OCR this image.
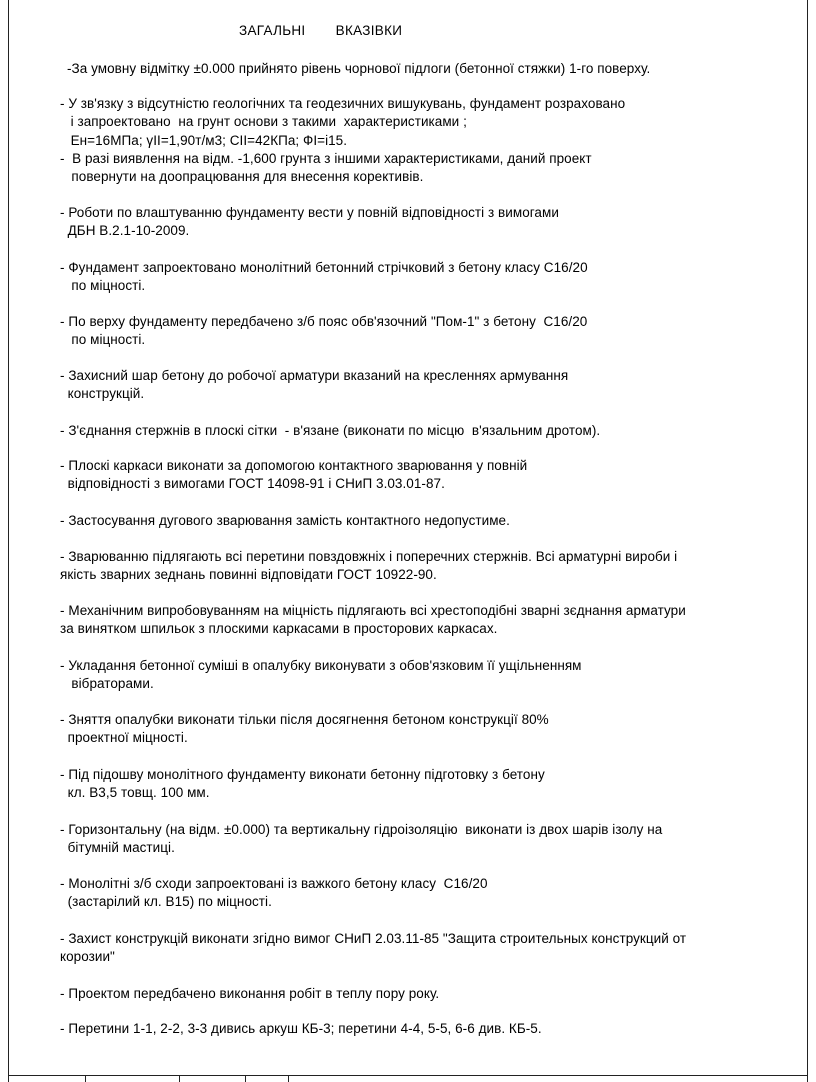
ЗАГАЛЬНІ   ВКАЗІВКИ
-За умовну відмітку ±0.000 прийнято рівень чорнової підлоги (бетонної стяжки) 1-го поверху.
- У зв'язку з відсутністю геологічних та геодезичних вишукувань, фундамент розраховано
і запроектовано  на грунт основи з такими  характеристиками ;
Ен=16МПа; γII=1,90т/м3; СII=42КПа; ФI=і15.
-  В разі виявлення на відм. -1,600 грунта з іншими характеристиками, даний проект
повернути на доопрацювання для внесення корективів.
- Роботи по влаштуванню фундаменту вести у повній відповідності з вимогами
ДБН В.2.1-10-2009.
- Фундамент запроектовано монолітний бетонний стрічковий з бетону класу С16/20
по міцності.
- По верху фундаменту передбачено з/б пояс обв'язочний "Пом-1" з бетону  С16/20
по міцності.
- Захисний шар бетону до робочої арматури вказаний на кресленнях армування
конструкцій.
- З'єднання стержнів в плоскі сітки  - в'язане (виконати по місцю  в'язальним дротом).
- Плоскі каркаси виконати за допомогою контактного зварювання у повній
відповідності з вимогами ГОСТ 14098-91 і СНиП 3.03.01-87.
- Застосування дугового зварювання замість контактного недопустиме.
- Зварюванню підлягають всі перетини повздовжніх і поперечних стержнів. Всі арматурні вироби і
якість зварних зеднань повинні відповідати ГОСТ 10922-90.
- Механічним випробовуванням на міцність підлягають всі хрестоподібні зварні зєднання арматури
за винятком шпильок з плоскими каркасами в просторових каркасах.
- Укладання бетонної суміші в опалубку виконувати з обов'язковим її ущільненням
вібраторами.
- Зняття опалубки виконати тільки після досягнення бетоном конструкції 80%
проектної міцності.
- Під підошву монолітного фундаменту виконати бетонну підготовку з бетону
кл. В3,5 товщ. 100 мм.
- Горизонтальну (на відм. ±0.000) та вертикальну гідроізоляцію  виконати із двох шарів ізолу на
бітумній мастиці.
- Монолітні з/б сходи запроектовані із важкого бетону класу  С16/20
(застарілий кл. В15) по міцності.
- Захист конструкцій виконати згідно вимог СНиП 2.03.11-85 "Защита строительных конструкций от
корозии"
- Проектом передбачено виконання робіт в теплу пору року.
- Перетини 1-1, 2-2, 3-3 дивись аркуш КБ-3; перетини 4-4, 5-5, 6-6 див. КБ-5.
